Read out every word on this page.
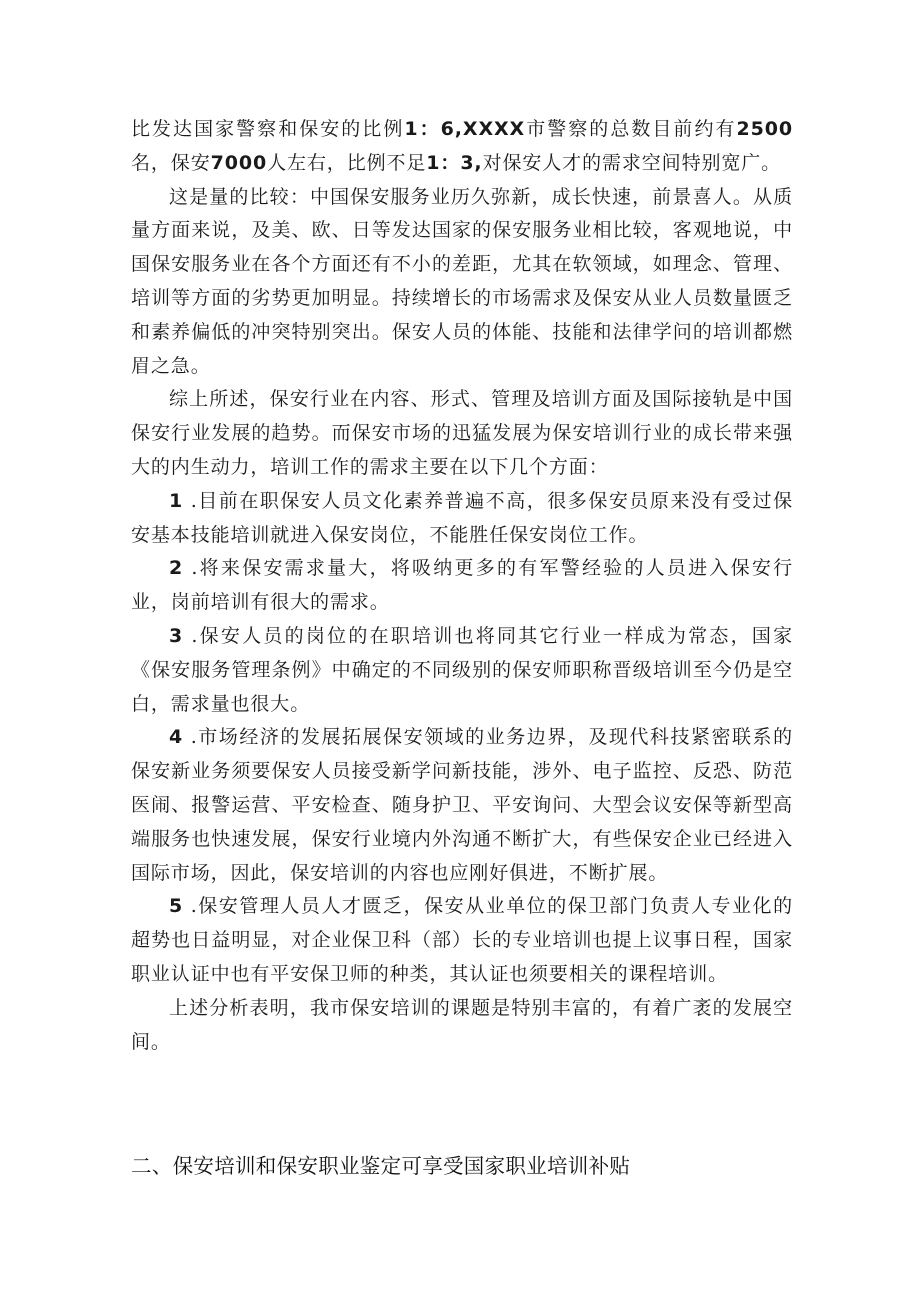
比发达国家警察和保安的比例1：6,XXXX市警察的总数目前约有2500名，保安7000人左右，比例不足1：3,对保安人才的需求空间特别宽广。

这是量的比较：中国保安服务业历久弥新，成长快速，前景喜人。从质量方面来说，及美、欧、日等发达国家的保安服务业相比较，客观地说，中国保安服务业在各个方面还有不小的差距，尤其在软领域，如理念、管理、培训等方面的劣势更加明显。持续增长的市场需求及保安从业人员数量匮乏和素养偏低的冲突特别突出。保安人员的体能、技能和法律学问的培训都燃眉之急。

综上所述，保安行业在内容、形式、管理及培训方面及国际接轨是中国保安行业发展的趋势。而保安市场的迅猛发展为保安培训行业的成长带来强大的内生动力，培训工作的需求主要在以下几个方面：

1 .目前在职保安人员文化素养普遍不高，很多保安员原来没有受过保安基本技能培训就进入保安岗位，不能胜任保安岗位工作。

2 .将来保安需求量大，将吸纳更多的有军警经验的人员进入保安行业，岗前培训有很大的需求。

3 .保安人员的岗位的在职培训也将同其它行业一样成为常态，国家《保安服务管理条例》中确定的不同级别的保安师职称晋级培训至今仍是空白，需求量也很大。

4 .市场经济的发展拓展保安领域的业务边界，及现代科技紧密联系的保安新业务须要保安人员接受新学问新技能，涉外、电子监控、反恐、防范医闹、报警运营、平安检查、随身护卫、平安询问、大型会议安保等新型高端服务也快速发展，保安行业境内外沟通不断扩大，有些保安企业已经进入国际市场，因此，保安培训的内容也应刚好俱进，不断扩展。

5 .保安管理人员人才匮乏，保安从业单位的保卫部门负责人专业化的超势也日益明显，对企业保卫科（部）长的专业培训也提上议事日程，国家职业认证中也有平安保卫师的种类，其认证也须要相关的课程培训。

上述分析表明，我市保安培训的课题是特别丰富的，有着广袤的发展空间。

二、保安培训和保安职业鉴定可享受国家职业培训补贴
